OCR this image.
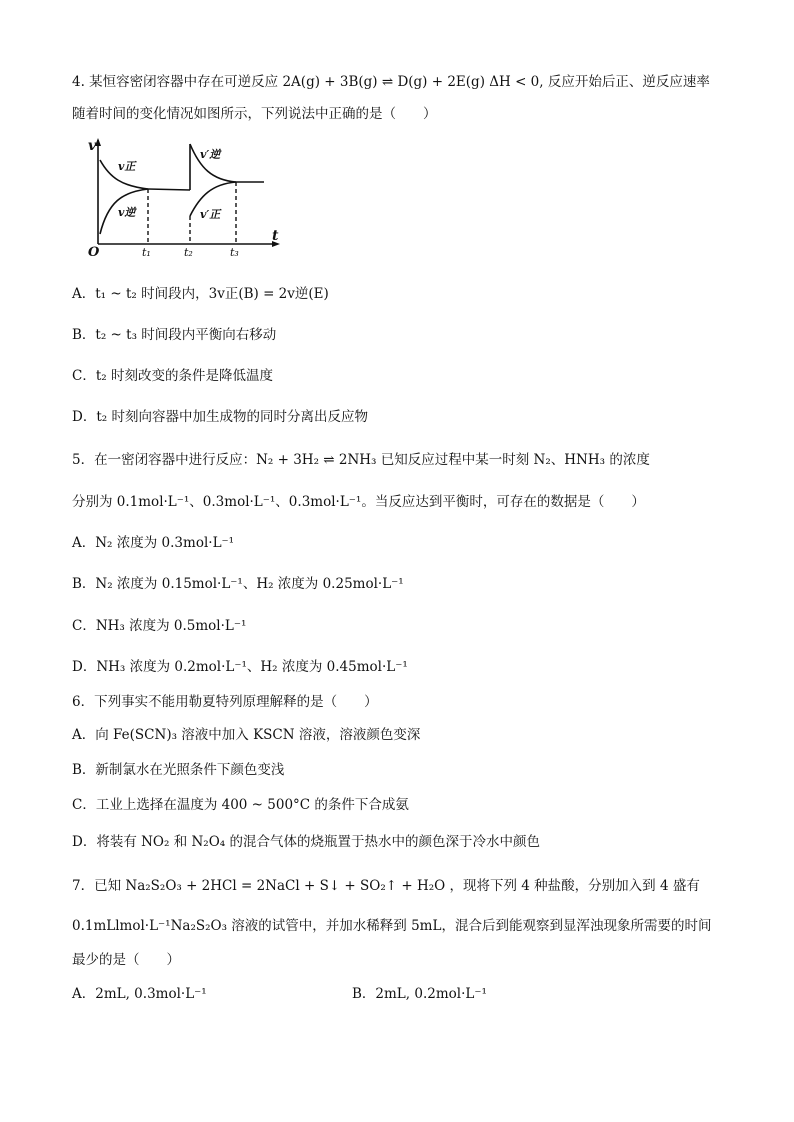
4. 某恒容密闭容器中存在可逆反应 2A(g) + 3B(g) ⇌ D(g) + 2E(g) ΔH < 0, 反应开始后正、逆反应速率
随着时间的变化情况如图所示，下列说法中正确的是（　　）
v
t
O	t₁	t₂	t₃
v正
v逆
v′逆
v′正
A．t₁ ~ t₂ 时间段内，3v正(B) = 2v逆(E)
B．t₂ ~ t₃ 时间段内平衡向右移动
C．t₂ 时刻改变的条件是降低温度
D．t₂ 时刻向容器中加生成物的同时分离出反应物
5．在一密闭容器中进行反应：N₂ + 3H₂ ⇌ 2NH₃ 已知反应过程中某一时刻 N₂、HNH₃ 的浓度
分别为 0.1mol·L⁻¹、0.3mol·L⁻¹、0.3mol·L⁻¹。当反应达到平衡时，可存在的数据是（　　）
A．N₂ 浓度为 0.3mol·L⁻¹
B．N₂ 浓度为 0.15mol·L⁻¹、H₂ 浓度为 0.25mol·L⁻¹
C．NH₃ 浓度为 0.5mol·L⁻¹
D．NH₃ 浓度为 0.2mol·L⁻¹、H₂ 浓度为 0.45mol·L⁻¹
6．下列事实不能用勒夏特列原理解释的是（　　）
A．向 Fe(SCN)₃ 溶液中加入 KSCN 溶液，溶液颜色变深
B．新制氯水在光照条件下颜色变浅
C．工业上选择在温度为 400 ~ 500°C 的条件下合成氨
D．将装有 NO₂ 和 N₂O₄ 的混合气体的烧瓶置于热水中的颜色深于冷水中颜色
7．已知 Na₂S₂O₃ + 2HCl = 2NaCl + S↓ + SO₂↑ + H₂O ，现将下列 4 种盐酸，分别加入到 4 盛有
0.1mLlmol·L⁻¹Na₂S₂O₃ 溶液的试管中，并加水稀释到 5mL，混合后到能观察到显浑浊现象所需要的时间
最少的是（　　）
A．2mL, 0.3mol·L⁻¹	B．2mL, 0.2mol·L⁻¹
